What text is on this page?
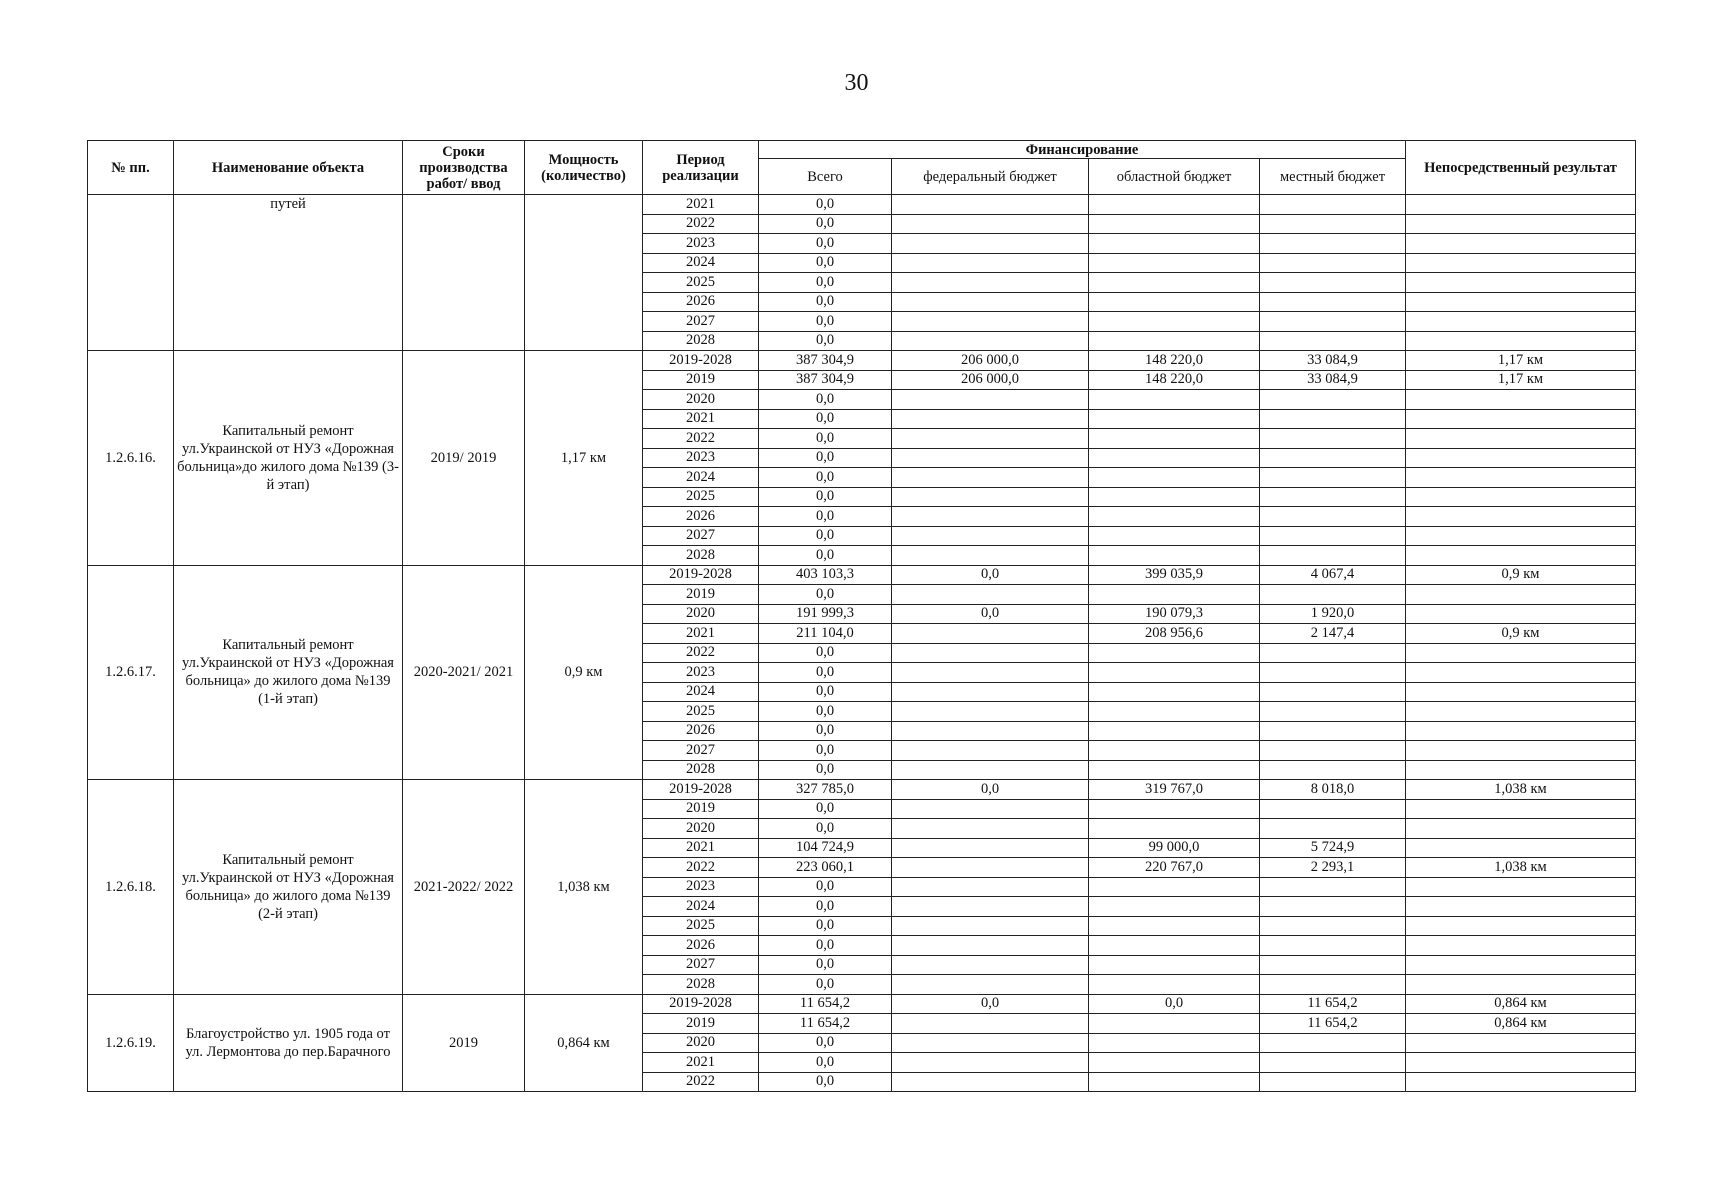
30
№ пп.	Наименование объекта	Сроки производства работ/ ввод	Мощность (количество)	Период реализации	Финансирование				Непосредственный результат
					Всего	федеральный бюджет	областной бюджет	местный бюджет	
	путей			2021	0,0				
				2022	0,0				
				2023	0,0				
				2024	0,0				
				2025	0,0				
				2026	0,0				
				2027	0,0				
				2028	0,0				
1.2.6.16.	Капитальный ремонт ул.Украинской от НУЗ «Дорожная больница»до жилого дома №139 (3-й этап)	2019/ 2019	1,17 км	2019-2028	387 304,9	206 000,0	148 220,0	33 084,9	1,17 км
				2019	387 304,9	206 000,0	148 220,0	33 084,9	1,17 км
				2020	0,0				
				2021	0,0				
				2022	0,0				
				2023	0,0				
				2024	0,0				
				2025	0,0				
				2026	0,0				
				2027	0,0				
				2028	0,0				
1.2.6.17.	Капитальный ремонт ул.Украинской от НУЗ «Дорожная больница» до жилого дома №139 (1-й этап)	2020-2021/ 2021	0,9 км	2019-2028	403 103,3	0,0	399 035,9	4 067,4	0,9 км
				2019	0,0				
				2020	191 999,3	0,0	190 079,3	1 920,0	
				2021	211 104,0		208 956,6	2 147,4	0,9 км
				2022	0,0				
				2023	0,0				
				2024	0,0				
				2025	0,0				
				2026	0,0				
				2027	0,0				
				2028	0,0				
1.2.6.18.	Капитальный ремонт ул.Украинской от НУЗ «Дорожная больница» до жилого дома №139 (2-й этап)	2021-2022/ 2022	1,038 км	2019-2028	327 785,0	0,0	319 767,0	8 018,0	1,038 км
				2019	0,0				
				2020	0,0				
				2021	104 724,9		99 000,0	5 724,9	
				2022	223 060,1		220 767,0	2 293,1	1,038 км
				2023	0,0				
				2024	0,0				
				2025	0,0				
				2026	0,0				
				2027	0,0				
				2028	0,0				
1.2.6.19.	Благоустройство ул. 1905 года от ул. Лермонтова до пер.Барачного	2019	0,864 км	2019-2028	11 654,2	0,0	0,0	11 654,2	0,864 км
				2019	11 654,2			11 654,2	0,864 км
				2020	0,0				
				2021	0,0				
				2022	0,0				
